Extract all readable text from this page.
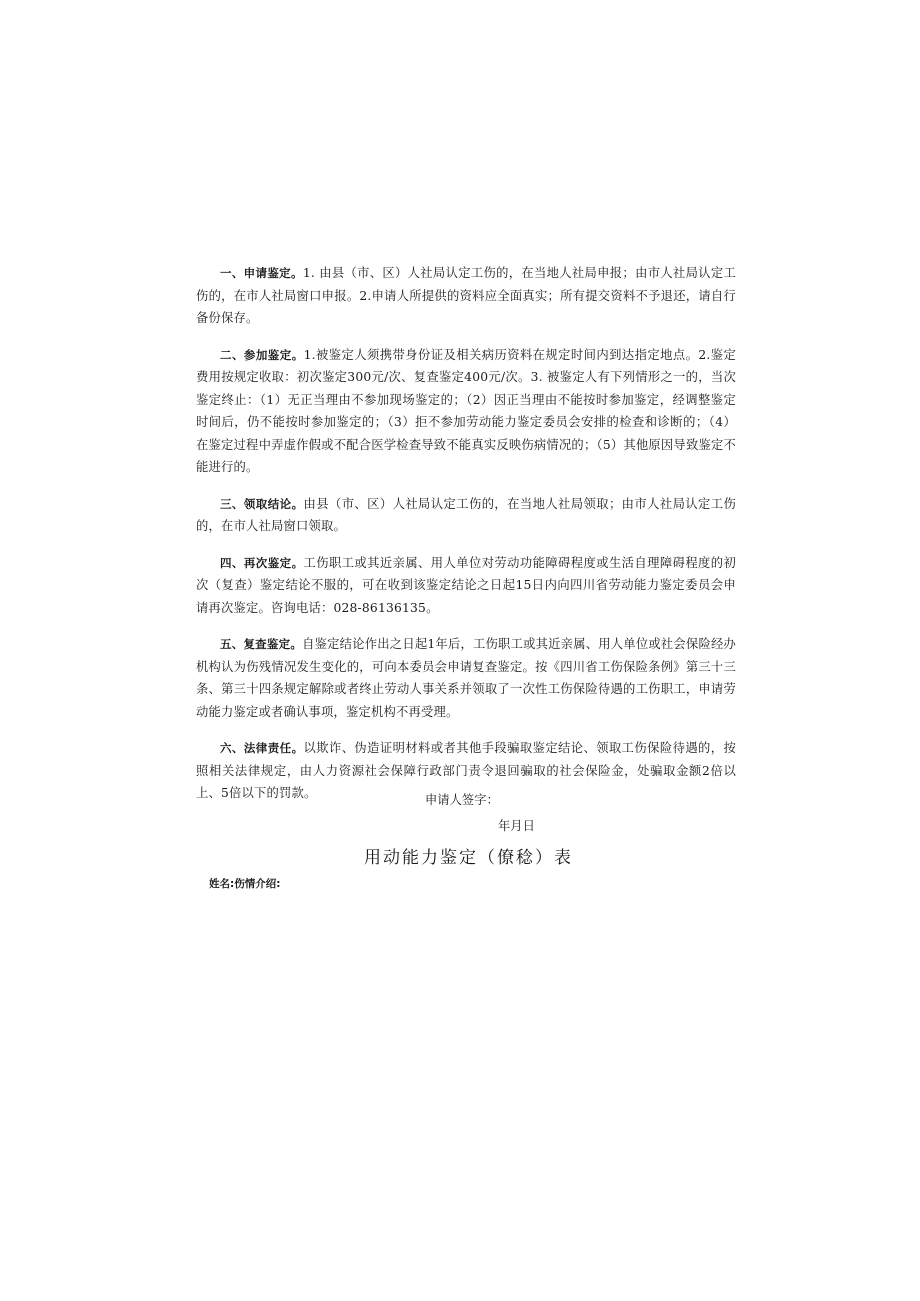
一、申请鉴定。1. 由县（市、区）人社局认定工伤的，在当地人社局申报；由市人社局认定工伤的，在市人社局窗口申报。2.申请人所提供的资料应全面真实；所有提交资料不予退还，请自行备份保存。

二、参加鉴定。1.被鉴定人须携带身份证及相关病历资料在规定时间内到达指定地点。2.鉴定费用按规定收取：初次鉴定300元/次、复查鉴定400元/次。3. 被鉴定人有下列情形之一的，当次鉴定终止：（1）无正当理由不参加现场鉴定的；（2）因正当理由不能按时参加鉴定，经调整鉴定时间后，仍不能按时参加鉴定的；（3）拒不参加劳动能力鉴定委员会安排的检查和诊断的；（4）在鉴定过程中弄虚作假或不配合医学检查导致不能真实反映伤病情况的；（5）其他原因导致鉴定不能进行的。

三、领取结论。由县（市、区）人社局认定工伤的，在当地人社局领取；由市人社局认定工伤的，在市人社局窗口领取。

四、再次鉴定。工伤职工或其近亲属、用人单位对劳动功能障碍程度或生活自理障碍程度的初次（复查）鉴定结论不服的，可在收到该鉴定结论之日起15日内向四川省劳动能力鉴定委员会申请再次鉴定。咨询电话：028-86136135。

五、复查鉴定。自鉴定结论作出之日起1年后，工伤职工或其近亲属、用人单位或社会保险经办机构认为伤残情况发生变化的，可向本委员会申请复查鉴定。按《四川省工伤保险条例》第三十三条、第三十四条规定解除或者终止劳动人事关系并领取了一次性工伤保险待遇的工伤职工，申请劳动能力鉴定或者确认事项，鉴定机构不再受理。

六、法律责任。以欺诈、伪造证明材料或者其他手段骗取鉴定结论、领取工伤保险待遇的，按照相关法律规定，由人力资源社会保障行政部门责令退回骗取的社会保险金，处骗取金额2倍以上、5倍以下的罚款。	申请人签字：
年月日
用动能力鉴定（僚稔）表
姓名:伤情介绍:
